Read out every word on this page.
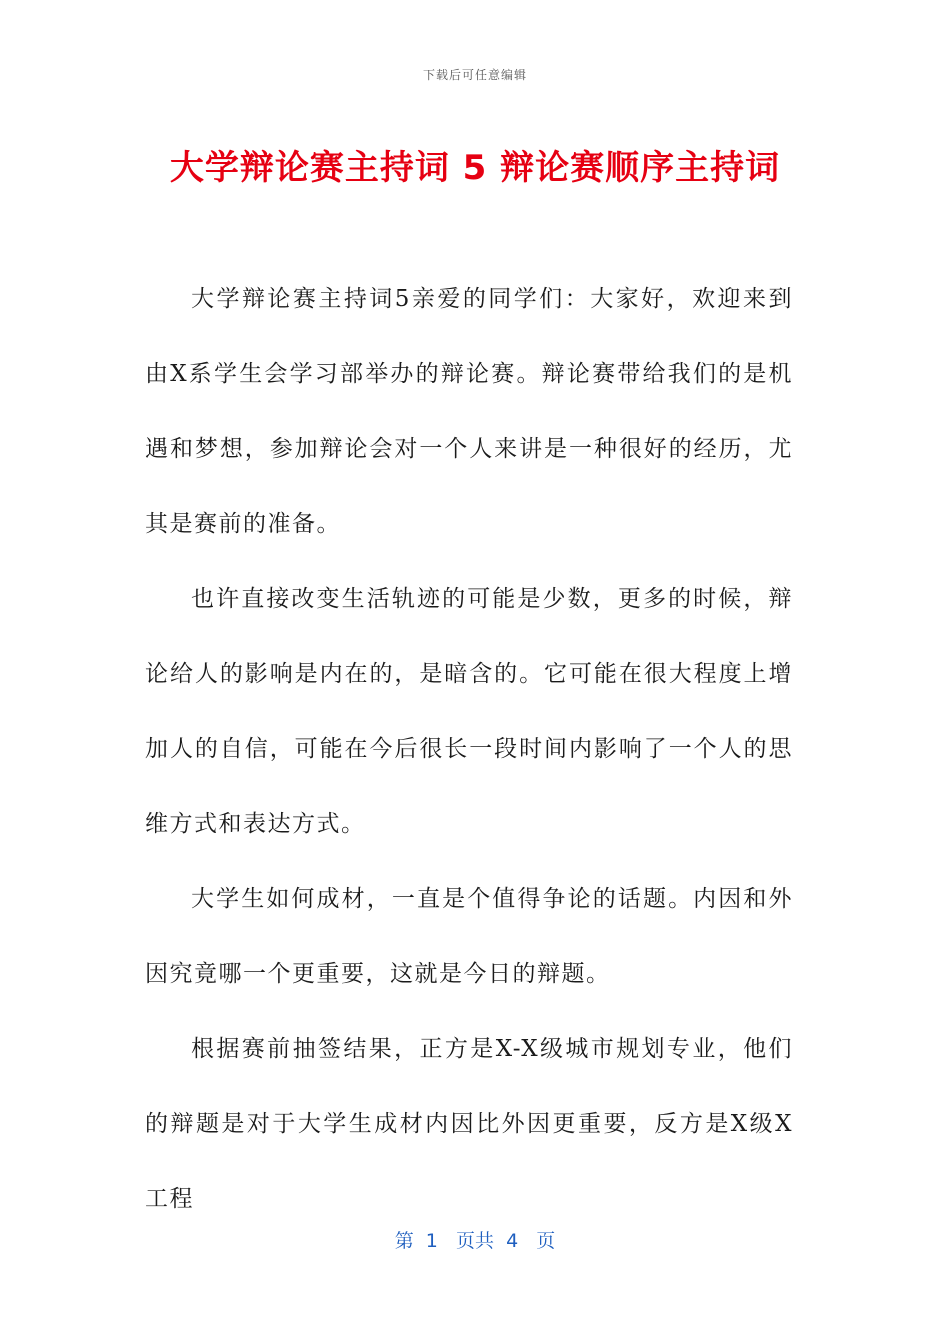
下载后可任意编辑
大学辩论赛主持词 5 辩论赛顺序主持词

大学辩论赛主持词5亲爱的同学们：大家好，欢迎来到由X系学生会学习部举办的辩论赛。辩论赛带给我们的是机遇和梦想，参加辩论会对一个人来讲是一种很好的经历，尤其是赛前的准备。

也许直接改变生活轨迹的可能是少数，更多的时候，辩论给人的影响是内在的，是暗含的。它可能在很大程度上增加人的自信，可能在今后很长一段时间内影响了一个人的思维方式和表达方式。

大学生如何成材，一直是个值得争论的话题。内因和外因究竟哪一个更重要，这就是今日的辩题。

根据赛前抽签结果，正方是X-X级城市规划专业，他们的辩题是对于大学生成材内因比外因更重要，反方是X级X工程

第  1   页共  4   页
